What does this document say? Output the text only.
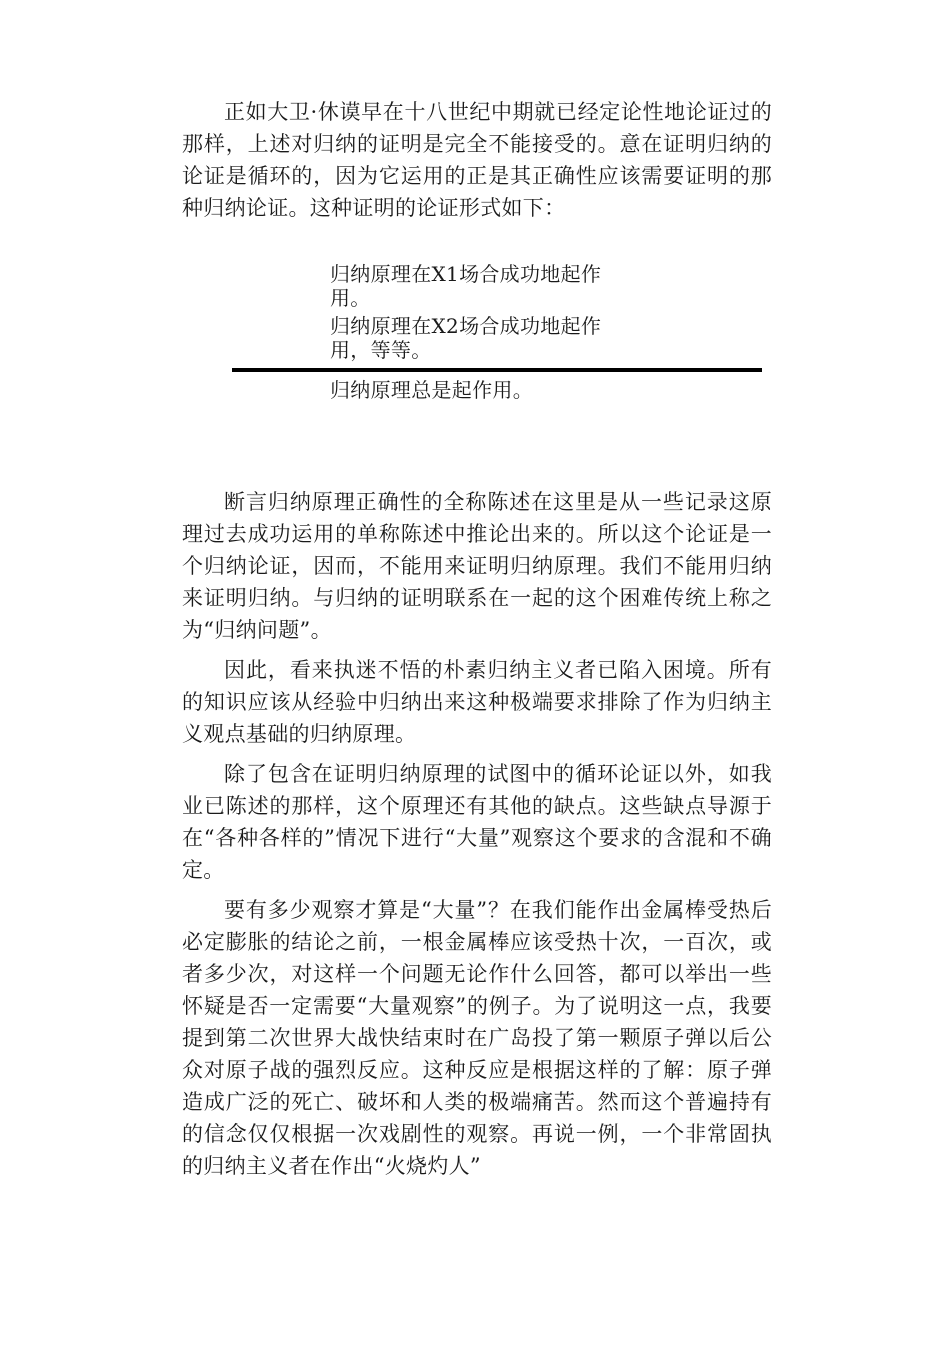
正如大卫·休谟早在十八世纪中期就已经定论性地论证过的那样，上述对归纳的证明是完全不能接受的。意在证明归纳的论证是循环的，因为它运用的正是其正确性应该需要证明的那种归纳论证。这种证明的论证形式如下：

归纳原理在X1场合成功地起作用。

归纳原理在X2场合成功地起作用，等等。

归纳原理总是起作用。

断言归纳原理正确性的全称陈述在这里是从一些记录这原理过去成功运用的单称陈述中推论出来的。所以这个论证是一个归纳论证，因而，不能用来证明归纳原理。我们不能用归纳来证明归纳。与归纳的证明联系在一起的这个困难传统上称之为“归纳问题”。

因此，看来执迷不悟的朴素归纳主义者已陷入困境。所有的知识应该从经验中归纳出来这种极端要求排除了作为归纳主义观点基础的归纳原理。

除了包含在证明归纳原理的试图中的循环论证以外，如我业已陈述的那样，这个原理还有其他的缺点。这些缺点导源于在“各种各样的”情况下进行“大量”观察这个要求的含混和不确定。

要有多少观察才算是“大量”？在我们能作出金属棒受热后必定膨胀的结论之前，一根金属棒应该受热十次，一百次，或者多少次，对这样一个问题无论作什么回答，都可以举出一些怀疑是否一定需要“大量观察”的例子。为了说明这一点，我要提到第二次世界大战快结束时在广岛投了第一颗原子弹以后公众对原子战的强烈反应。这种反应是根据这样的了解：原子弹造成广泛的死亡、破坏和人类的极端痛苦。然而这个普遍持有的信念仅仅根据一次戏剧性的观察。再说一例，一个非常固执的归纳主义者在作出“火烧灼人”
